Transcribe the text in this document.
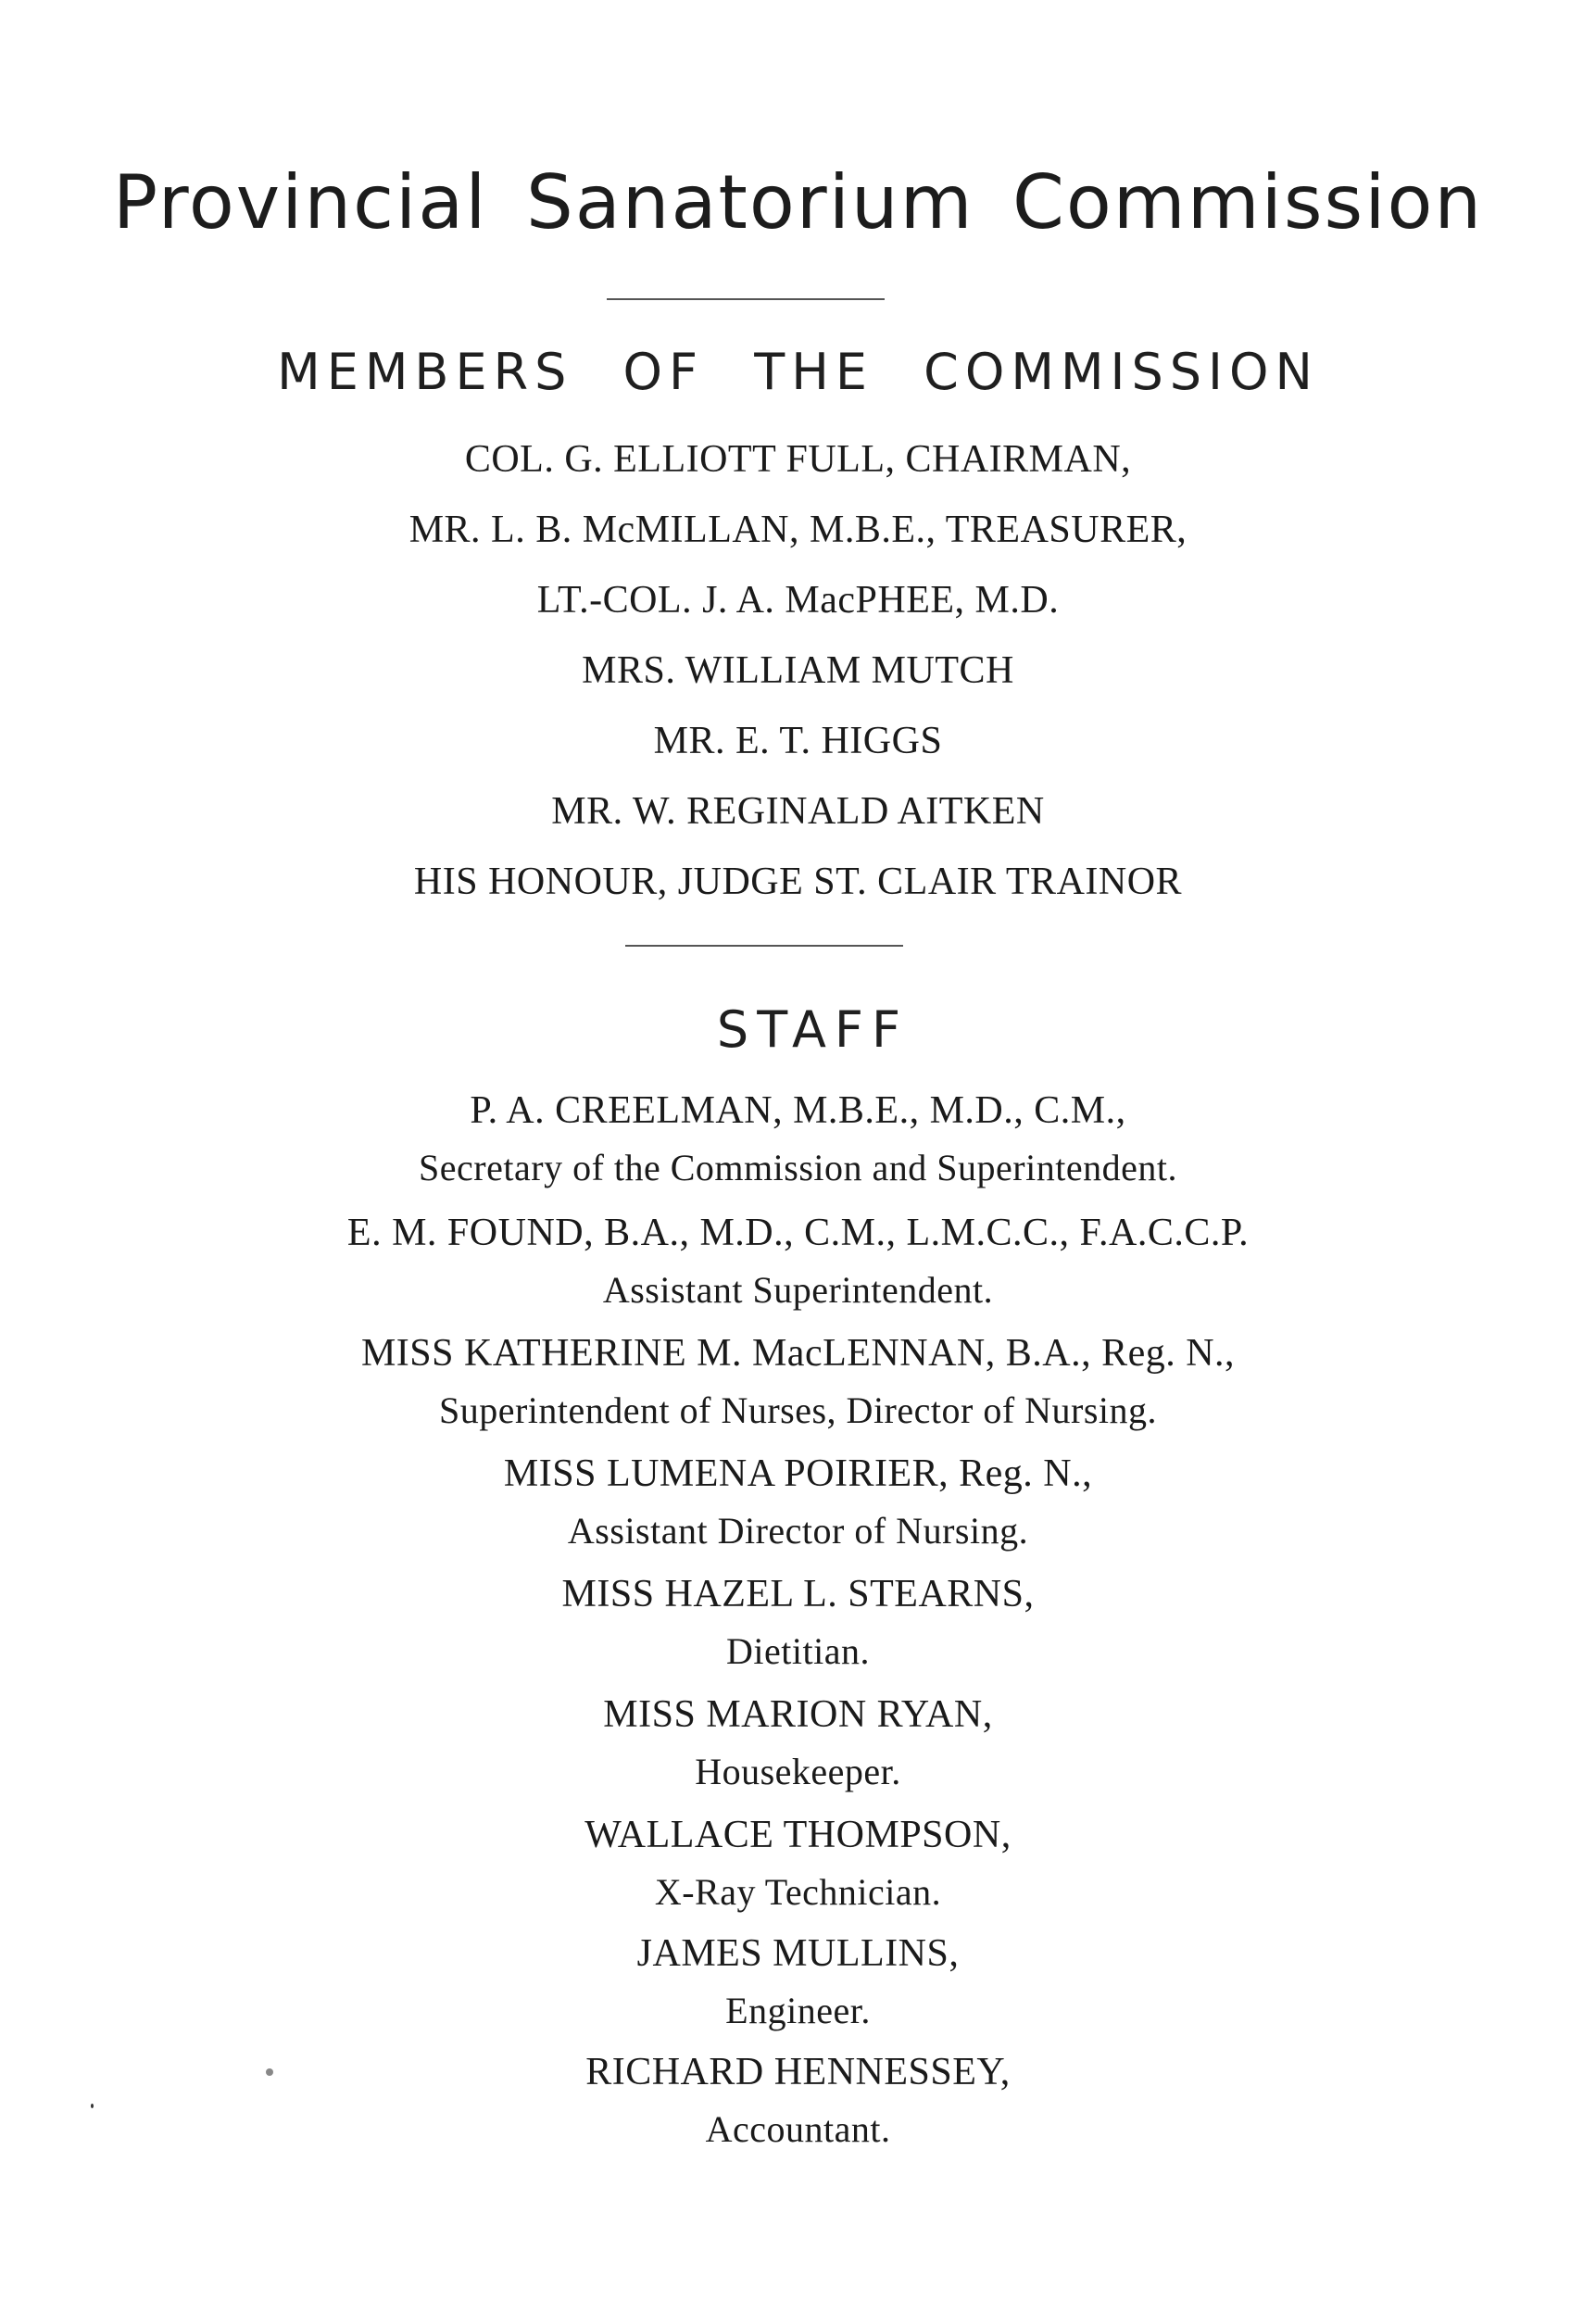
Provincial Sanatorium Commission
MEMBERS OF THE COMMISSION
COL. G. ELLIOTT FULL, CHAIRMAN,
MR. L. B. McMILLAN, M.B.E., TREASURER,
LT.-COL. J. A. MacPHEE, M.D.
MRS. WILLIAM MUTCH
MR. E. T. HIGGS
MR. W. REGINALD AITKEN
HIS HONOUR, JUDGE ST. CLAIR TRAINOR
STAFF
P. A. CREELMAN, M.B.E., M.D., C.M.,
Secretary of the Commission and Superintendent.
E. M. FOUND, B.A., M.D., C.M., L.M.C.C., F.A.C.C.P.
Assistant Superintendent.
MISS KATHERINE M. MacLENNAN, B.A., Reg. N.,
Superintendent of Nurses, Director of Nursing.
MISS LUMENA POIRIER, Reg. N.,
Assistant Director of Nursing.
MISS HAZEL L. STEARNS,
Dietitian.
MISS MARION RYAN,
Housekeeper.
WALLACE THOMPSON,
X-Ray Technician.
JAMES MULLINS,
Engineer.
RICHARD HENNESSEY,
Accountant.
